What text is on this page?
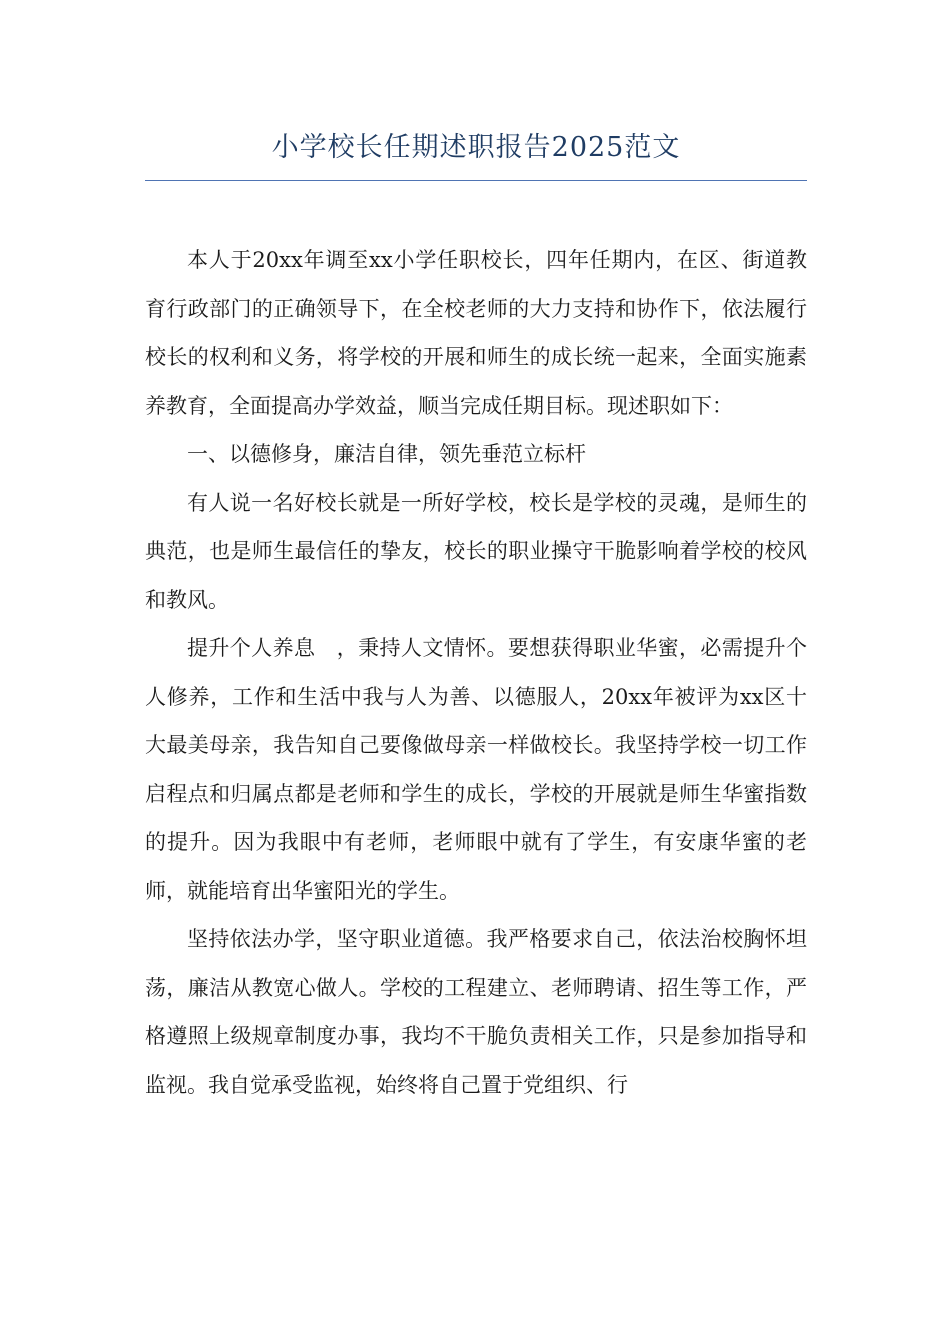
小学校长任期述职报告2025范文

本人于20xx年调至xx小学任职校长，四年任期内，在区、街道教育行政部门的正确领导下，在全校老师的大力支持和协作下，依法履行校长的权利和义务，将学校的开展和师生的成长统一起来，全面实施素养教育，全面提高办学效益，顺当完成任期目标。现述职如下：

一、以德修身，廉洁自律，领先垂范立标杆

有人说一名好校长就是一所好学校，校长是学校的灵魂，是师生的典范，也是师生最信任的挚友，校长的职业操守干脆影响着学校的校风和教风。

提升个人养息　，秉持人文情怀。要想获得职业华蜜，必需提升个人修养，工作和生活中我与人为善、以德服人，20xx年被评为xx区十大最美母亲，我告知自己要像做母亲一样做校长。我坚持学校一切工作启程点和归属点都是老师和学生的成长，学校的开展就是师生华蜜指数的提升。因为我眼中有老师，老师眼中就有了学生，有安康华蜜的老师，就能培育出华蜜阳光的学生。

坚持依法办学，坚守职业道德。我严格要求自己，依法治校胸怀坦荡，廉洁从教宽心做人。学校的工程建立、老师聘请、招生等工作，严格遵照上级规章制度办事，我均不干脆负责相关工作，只是参加指导和监视。我自觉承受监视，始终将自己置于党组织、行
